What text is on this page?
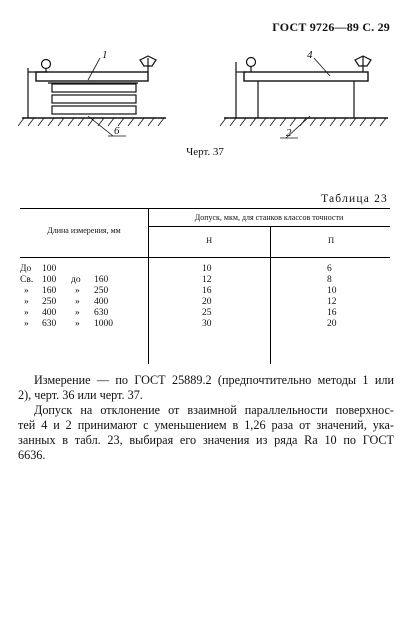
ГОСТ 9726—89 С. 29
1
6
4
2
Черт. 37
Таблица 23
Длина измерения, мм
Допуск, мкм, для станков классов точности
Н	П
До 100	10	6
Св. 100 до 160	12	8
» 160 » 250	16	10
» 250 » 400	20	12
» 400 » 630	25	16
» 630 » 1000	30	20

Измерение — по ГОСТ 25889.2 (предпочтительно методы 1 или
2), черт. 36 или черт. 37.

Допуск на отклонение от взаимной параллельности поверхнос-
тей 4 и 2 принимают с уменьшением в 1,26 раза от значений, ука-
занных в табл. 23, выбирая его значения из ряда Ra 10 по ГОСТ
6636.
